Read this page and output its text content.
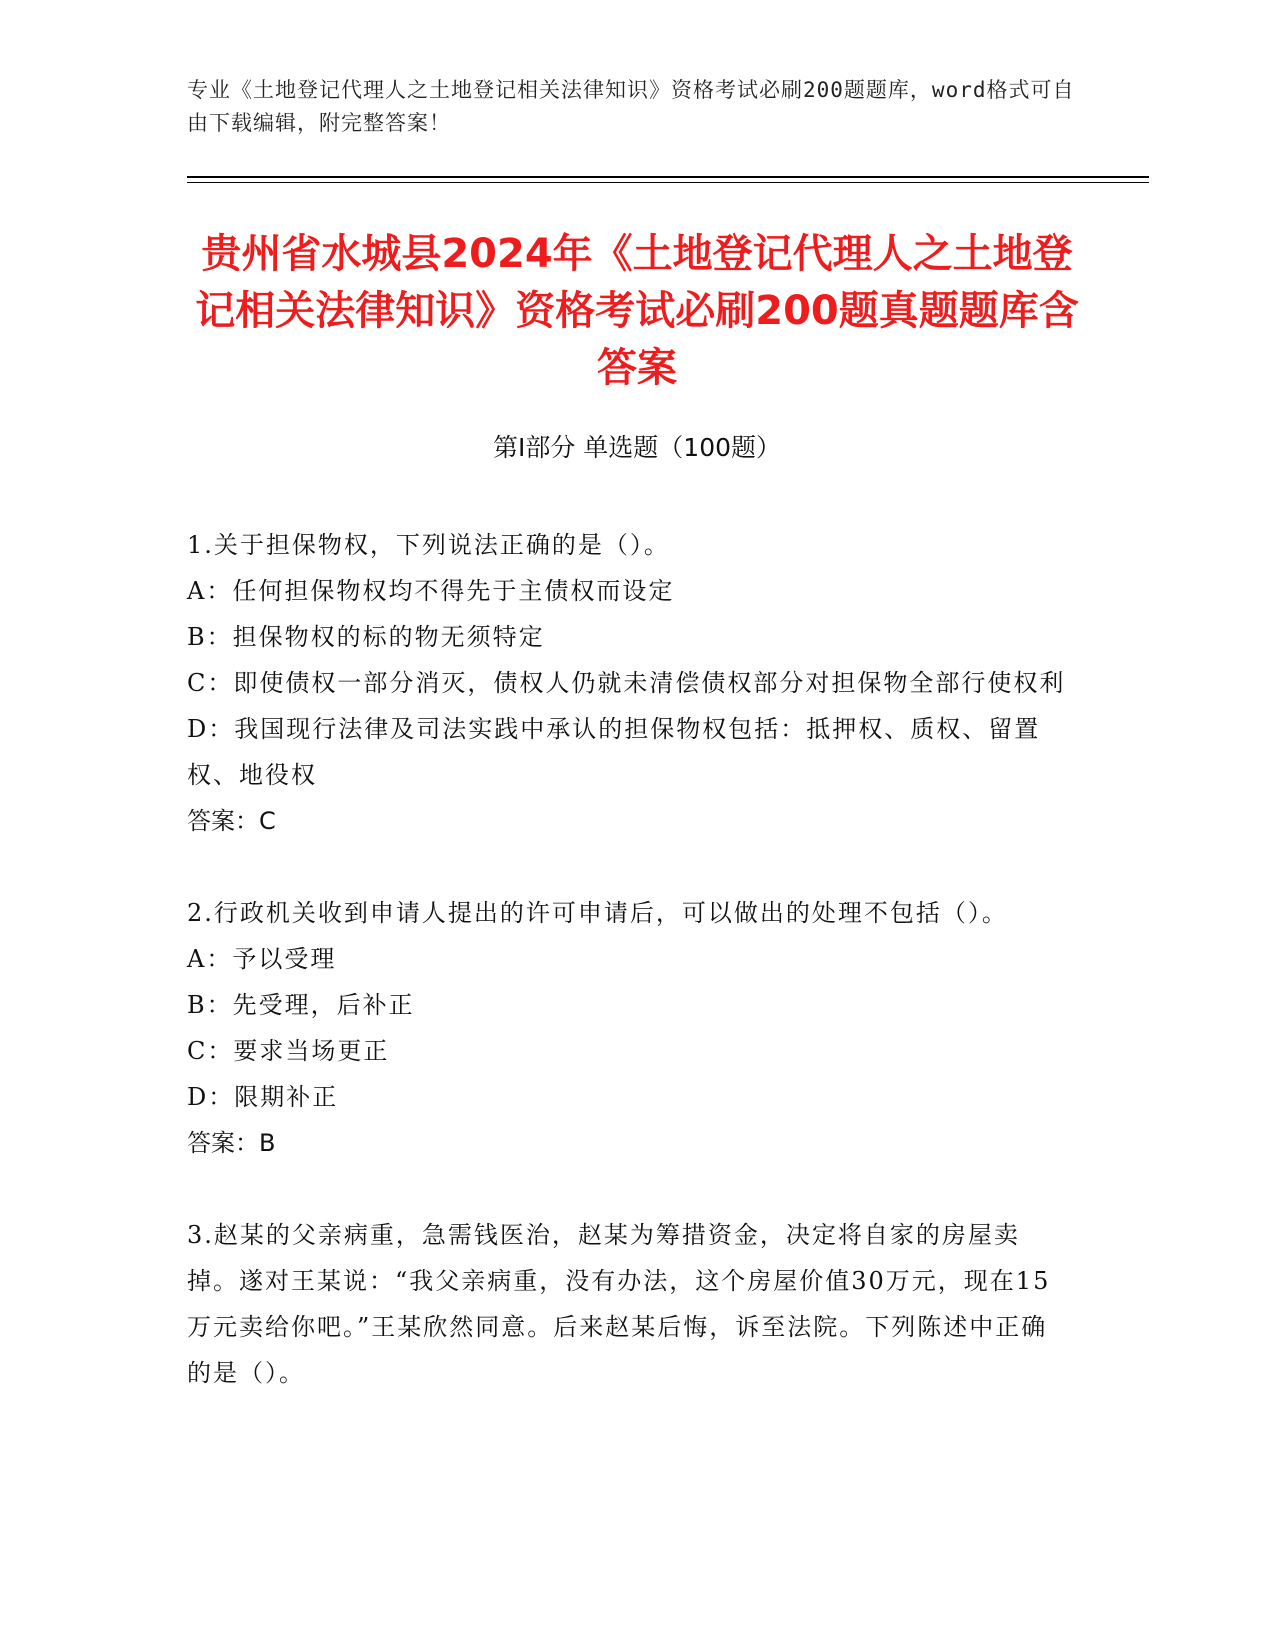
专业《土地登记代理人之土地登记相关法律知识》资格考试必刷200题题库，word格式可自由下载编辑，附完整答案！
贵州省水城县2024年《土地登记代理人之土地登记相关法律知识》资格考试必刷200题真题题库含答案
第Ⅰ部分 单选题（100题）

1.关于担保物权，下列说法正确的是（）。

A：任何担保物权均不得先于主债权而设定

B：担保物权的标的物无须特定

C：即使债权一部分消灭，债权人仍就未清偿债权部分对担保物全部行使权利

D：我国现行法律及司法实践中承认的担保物权包括：抵押权、质权、留置权、地役权

答案：C

2.行政机关收到申请人提出的许可申请后，可以做出的处理不包括（）。

A：予以受理

B：先受理，后补正

C：要求当场更正

D：限期补正

答案：B

3.赵某的父亲病重，急需钱医治，赵某为筹措资金，决定将自家的房屋卖掉。遂对王某说：“我父亲病重，没有办法，这个房屋价值30万元，现在15万元卖给你吧。”王某欣然同意。后来赵某后悔，诉至法院。下列陈述中正确的是（）。
